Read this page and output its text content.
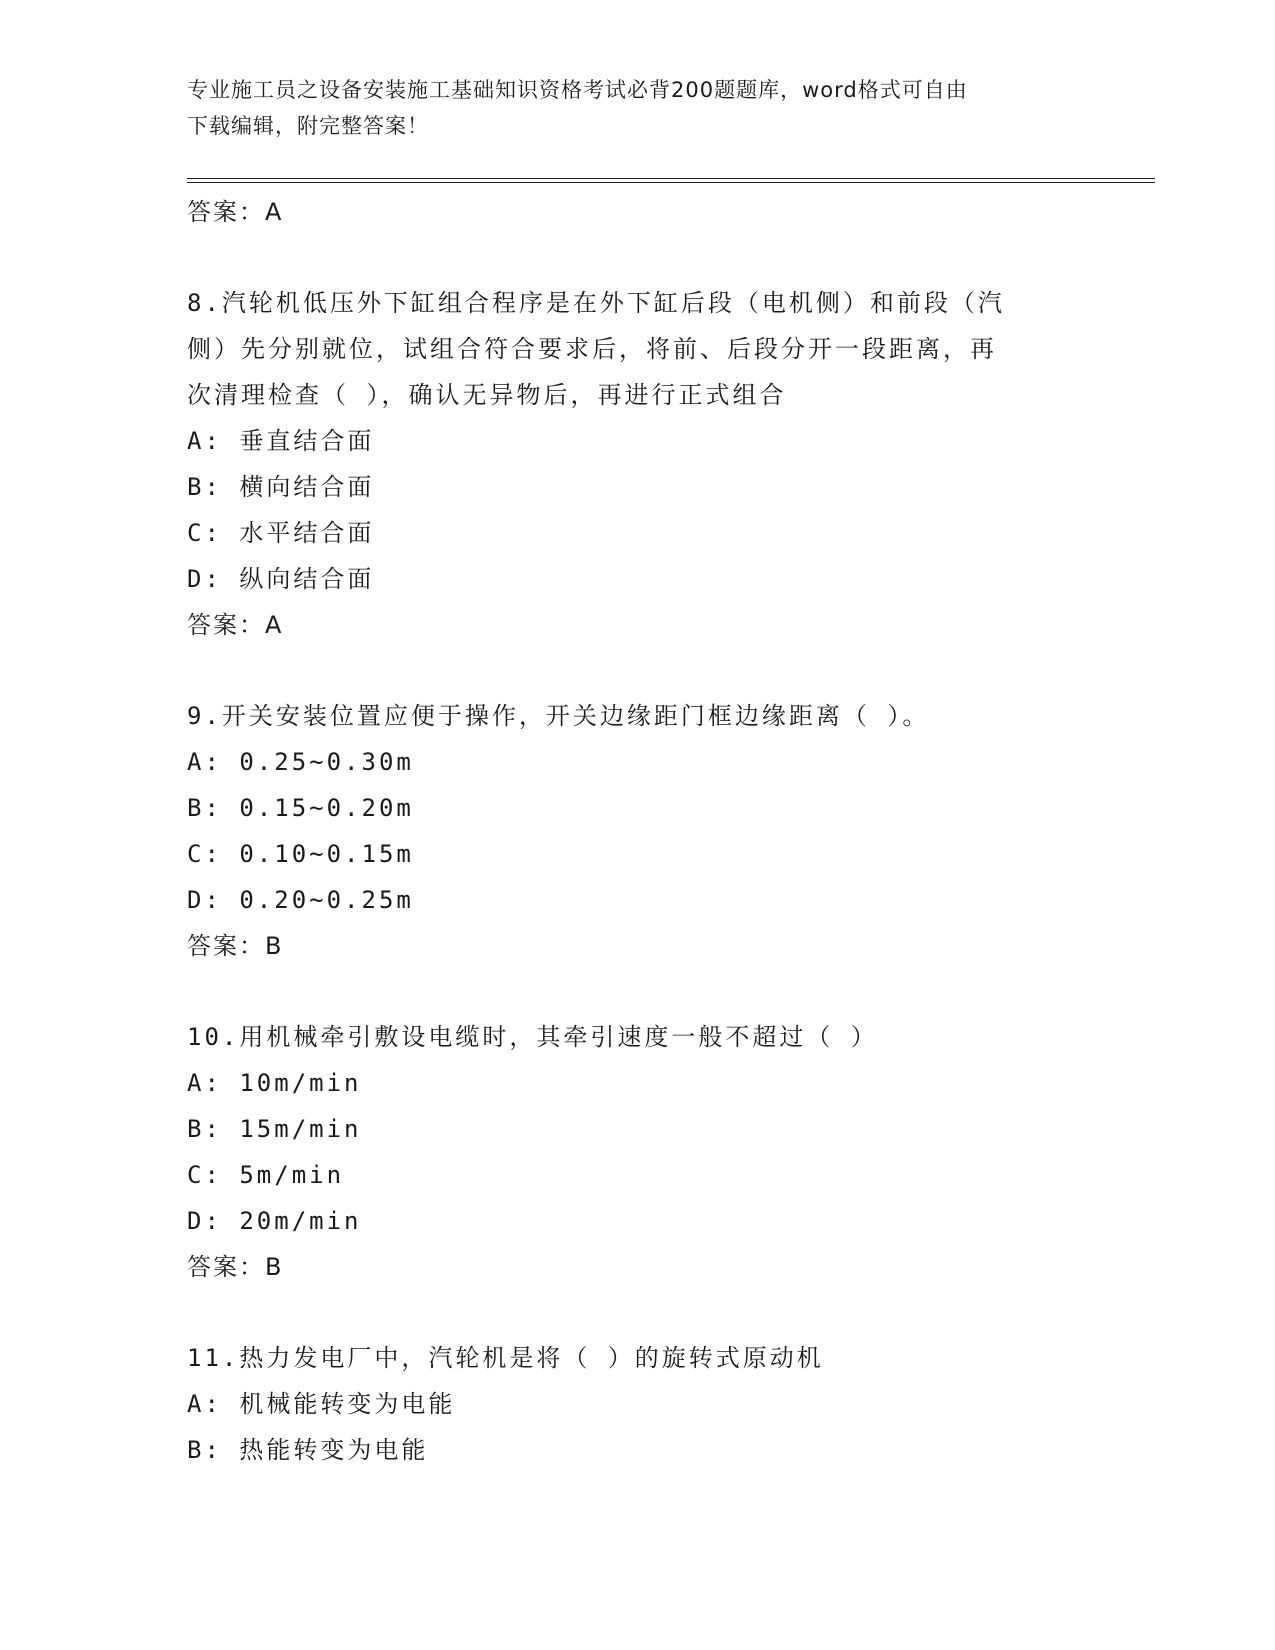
专业施工员之设备安装施工基础知识资格考试必背200题题库，word格式可自由
下载编辑，附完整答案！
答案：A
8.汽轮机低压外下缸组合程序是在外下缸后段（电机侧）和前段（汽
侧）先分别就位，试组合符合要求后，将前、后段分开一段距离，再
次清理检查（ ），确认无异物后，再进行正式组合
A: 垂直结合面
B: 横向结合面
C: 水平结合面
D: 纵向结合面
答案：A
9.开关安装位置应便于操作，开关边缘距门框边缘距离（ ）。
A: 0.25~0.30m
B: 0.15~0.20m
C: 0.10~0.15m
D: 0.20~0.25m
答案：B
10.用机械牵引敷设电缆时，其牵引速度一般不超过（ ）
A: 10m/min
B: 15m/min
C: 5m/min
D: 20m/min
答案：B
11.热力发电厂中，汽轮机是将（ ）的旋转式原动机
A: 机械能转变为电能
B: 热能转变为电能
